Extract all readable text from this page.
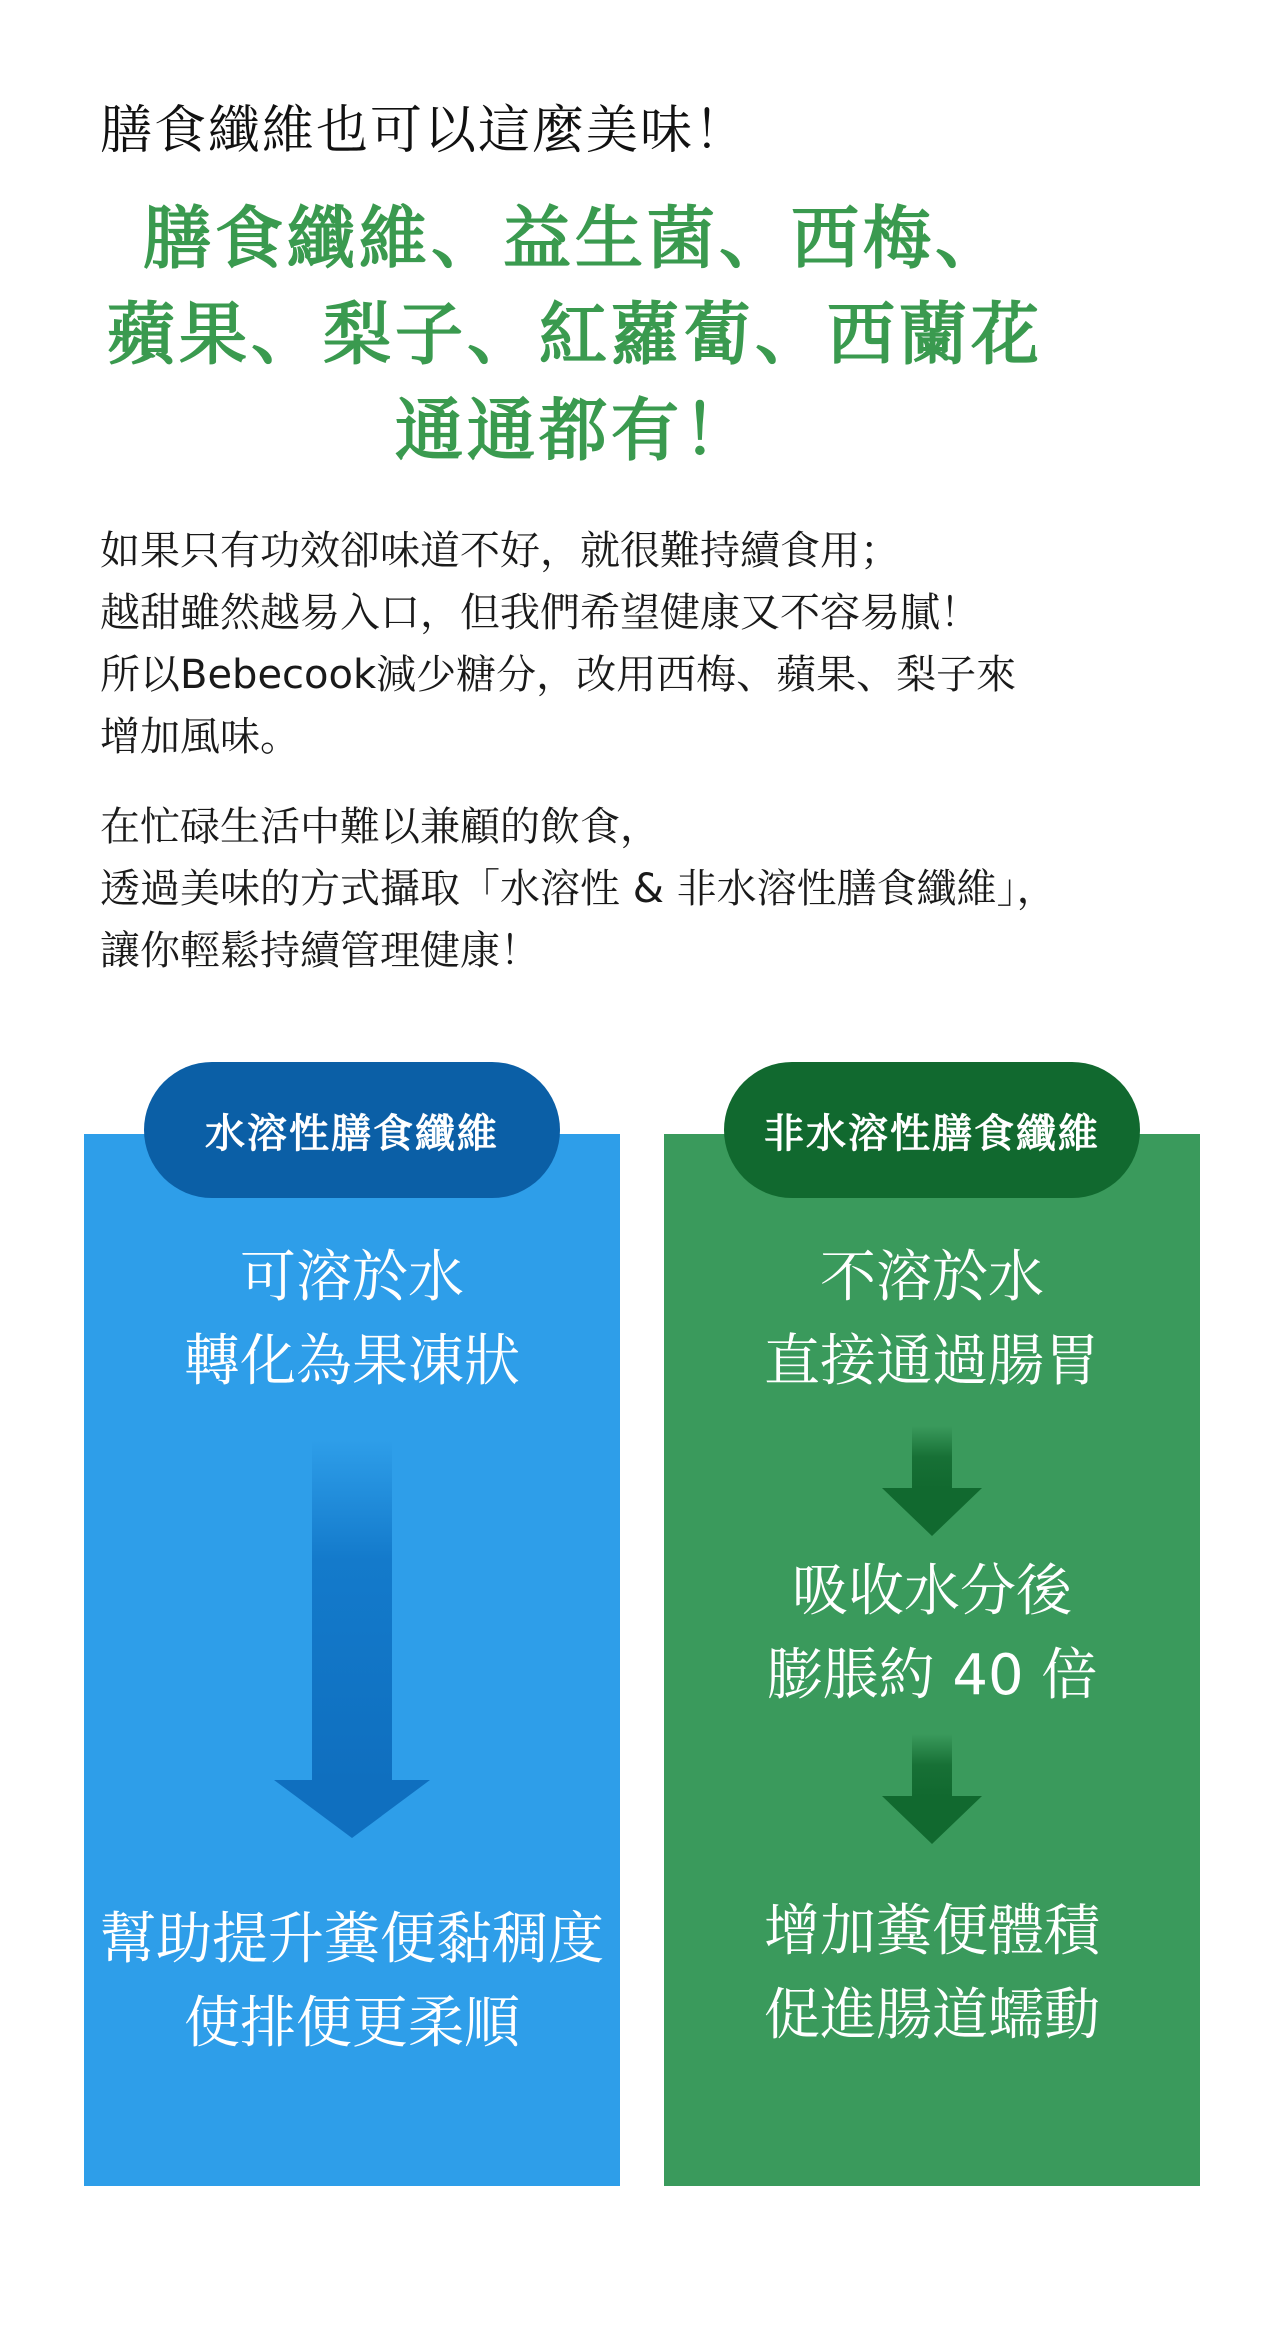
膳食纖維也可以這麼美味！
膳食纖維、益生菌、西梅、
蘋果、梨子、紅蘿蔔、西蘭花
通通都有！
如果只有功效卻味道不好，就很難持續食用；
越甜雖然越易入口，但我們希望健康又不容易膩！
所以Bebecook減少糖分，改用西梅、蘋果、梨子來
增加風味。
在忙碌生活中難以兼顧的飲食，
透過美味的方式攝取「水溶性 & 非水溶性膳食纖維」，
讓你輕鬆持續管理健康！
水溶性膳食纖維
可溶於水
轉化為果凍狀
幫助提升糞便黏稠度
使排便更柔順
非水溶性膳食纖維
不溶於水
直接通過腸胃
吸收水分後
膨脹約 40 倍
增加糞便體積
促進腸道蠕動
